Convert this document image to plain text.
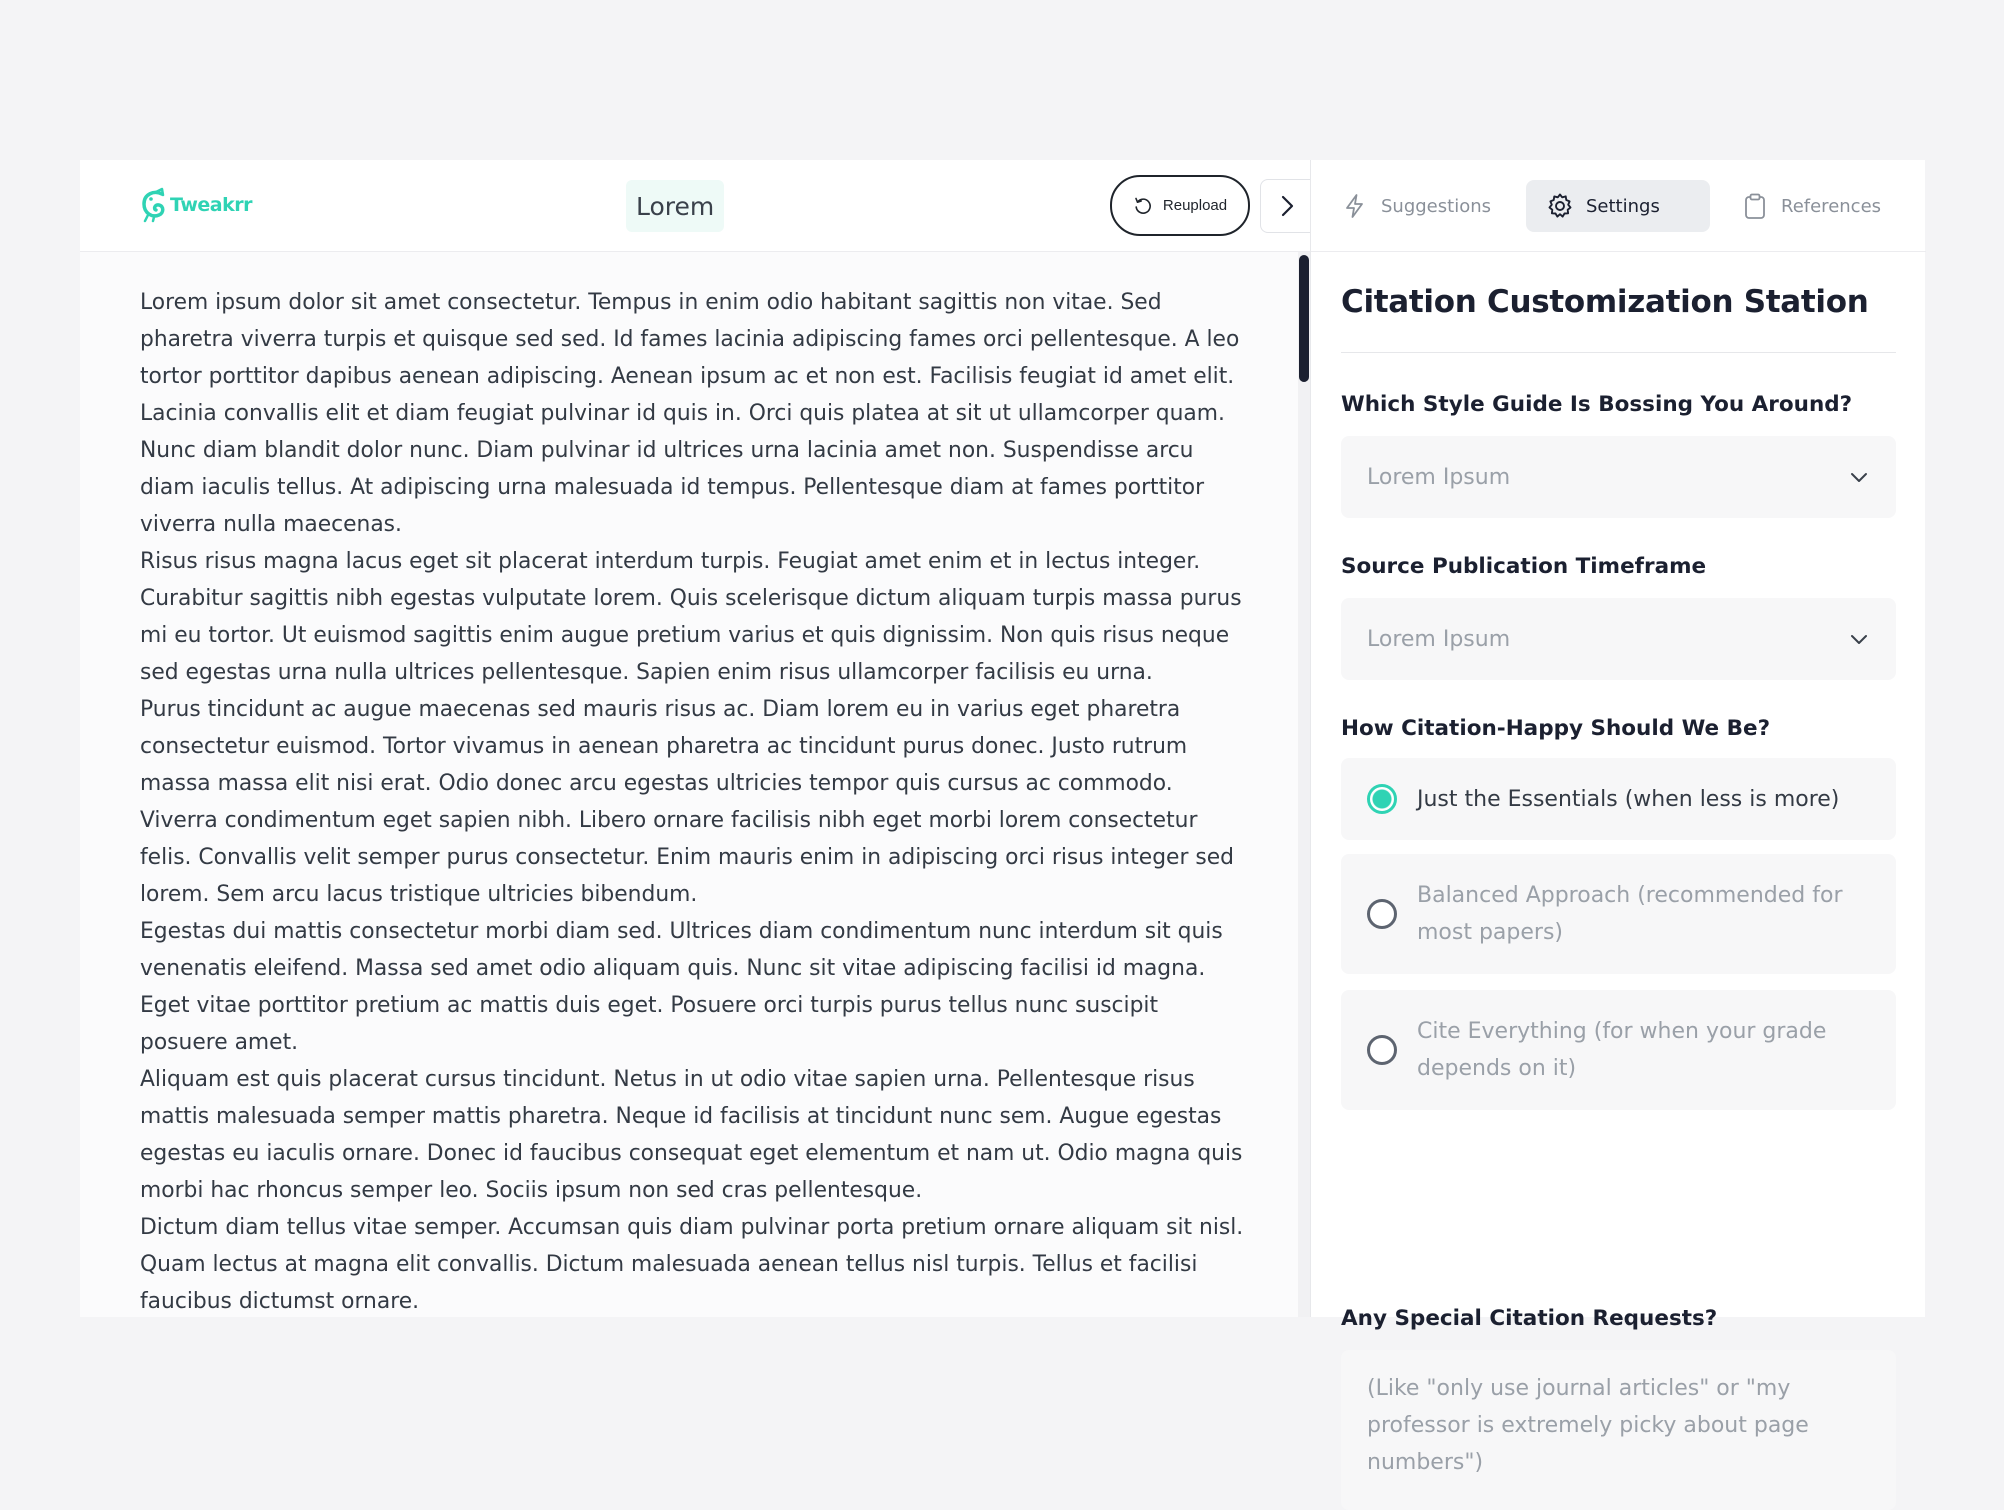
Tweakrr	Lorem	Reupload

Lorem ipsum dolor sit amet consectetur. Tempus in enim odio habitant sagittis non vitae. Sed pharetra viverra turpis et quisque sed sed. Id fames lacinia adipiscing fames orci pellentesque. A leo tortor porttitor dapibus aenean adipiscing. Aenean ipsum ac et non est. Facilisis feugiat id amet elit. Lacinia convallis elit et diam feugiat pulvinar id quis in. Orci quis platea at sit ut ullamcorper quam. Nunc diam blandit dolor nunc. Diam pulvinar id ultrices urna lacinia amet non. Suspendisse arcu diam iaculis tellus. At adipiscing urna malesuada id tempus. Pellentesque diam at fames porttitor viverra nulla maecenas.

Risus risus magna lacus eget sit placerat interdum turpis. Feugiat amet enim et in lectus integer. Curabitur sagittis nibh egestas vulputate lorem. Quis scelerisque dictum aliquam turpis massa purus mi eu tortor. Ut euismod sagittis enim augue pretium varius et quis dignissim. Non quis risus neque sed egestas urna nulla ultrices pellentesque. Sapien enim risus ullamcorper facilisis eu urna.

Purus tincidunt ac augue maecenas sed mauris risus ac. Diam lorem eu in varius eget pharetra consectetur euismod. Tortor vivamus in aenean pharetra ac tincidunt purus donec. Justo rutrum massa massa elit nisi erat. Odio donec arcu egestas ultricies tempor quis cursus ac commodo. Viverra condimentum eget sapien nibh. Libero ornare facilisis nibh eget morbi lorem consectetur felis. Convallis velit semper purus consectetur. Enim mauris enim in adipiscing orci risus integer sed lorem. Sem arcu lacus tristique ultricies bibendum.

Egestas dui mattis consectetur morbi diam sed. Ultrices diam condimentum nunc interdum sit quis venenatis eleifend. Massa sed amet odio aliquam quis. Nunc sit vitae adipiscing facilisi id magna. Eget vitae porttitor pretium ac mattis duis eget. Posuere orci turpis purus tellus nunc suscipit posuere amet.

Aliquam est quis placerat cursus tincidunt. Netus in ut odio vitae sapien urna. Pellentesque risus mattis malesuada semper mattis pharetra. Neque id facilisis at tincidunt nunc sem. Augue egestas egestas eu iaculis ornare. Donec id faucibus consequat eget elementum et nam ut. Odio magna quis morbi hac rhoncus semper leo. Sociis ipsum non sed cras pellentesque.

Dictum diam tellus vitae semper. Accumsan quis diam pulvinar porta pretium ornare aliquam sit nisl. Quam lectus at magna elit convallis. Dictum malesuada aenean tellus nisl turpis. Tellus et facilisi faucibus dictumst ornare.

Suggestions	Settings	References
Citation Customization Station
Which Style Guide Is Bossing You Around?
Lorem Ipsum
Source Publication Timeframe
Lorem Ipsum
How Citation-Happy Should We Be?
Just the Essentials (when less is more)
Balanced Approach (recommended for most papers)
Cite Everything (for when your grade depends on it)
Any Special Citation Requests?
(Like "only use journal articles" or "my professor is extremely picky about page numbers")
